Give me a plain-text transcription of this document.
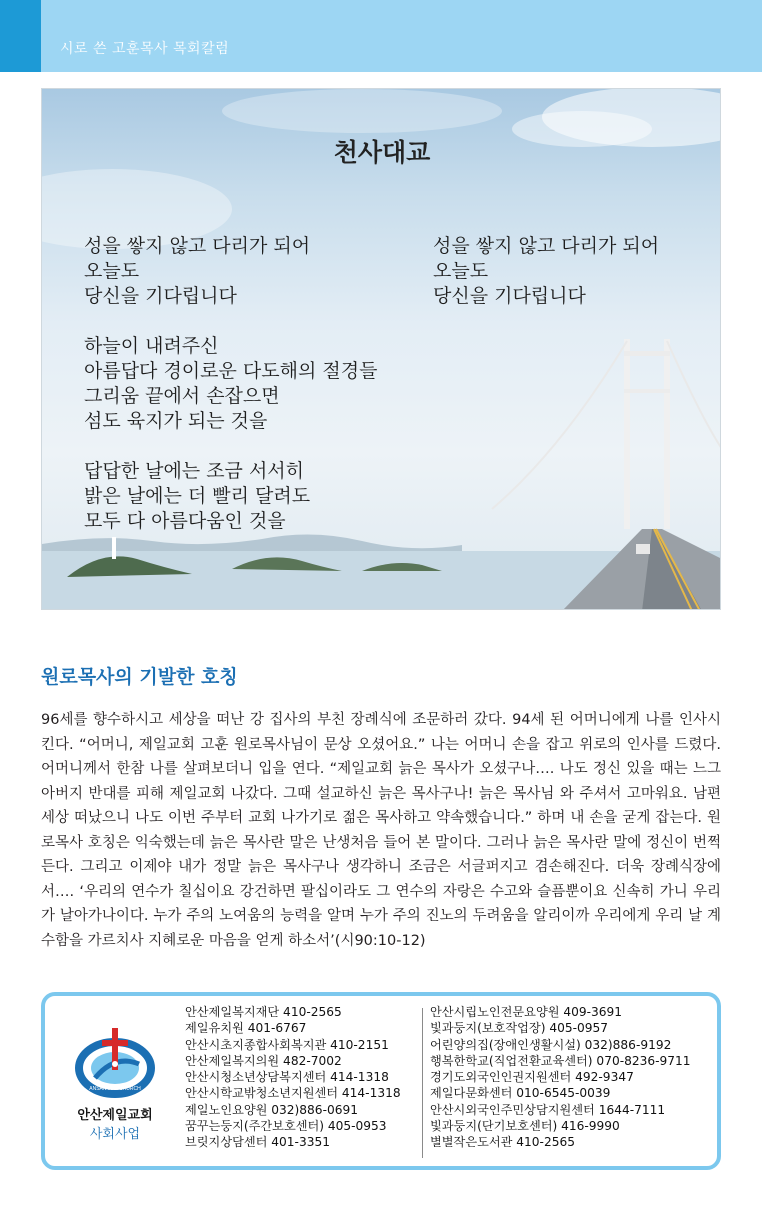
시로 쓴 고훈목사 목회칼럼
천사대교
성을 쌓지 않고 다리가 되어
오늘도
당신을 기다립니다
하늘이 내려주신
아름답다 경이로운 다도해의 절경들
그리움 끝에서 손잡으면
섬도 육지가 되는 것을
답답한 날에는 조금 서서히
밝은 날에는 더 빨리 달려도
모두 다 아름다움인 것을
성을 쌓지 않고 다리가 되어
오늘도
당신을 기다립니다
원로목사의 기발한 호칭

96세를 향수하시고 세상을 떠난 강 집사의 부친 장례식에 조문하러 갔다. 94세 된 어머니에게 나를 인사시킨다. “어머니, 제일교회 고훈 원로목사님이 문상 오셨어요.” 나는 어머니 손을 잡고 위로의 인사를 드렸다. 어머니께서 한참 나를 살펴보더니 입을 연다. “제일교회 늙은 목사가 오셨구나…. 나도 정신 있을 때는 느그 아버지 반대를 피해 제일교회 나갔다. 그때 설교하신 늙은 목사구나! 늙은 목사님 와 주셔서 고마워요. 남편 세상 떠났으니 나도 이번 주부터 교회 나가기로 젊은 목사하고 약속했습니다.” 하며 내 손을 굳게 잡는다. 원로목사 호칭은 익숙했는데 늙은 목사란 말은 난생처음 들어 본 말이다. 그러나 늙은 목사란 말에 정신이 번쩍 든다. 그리고 이제야 내가 정말 늙은 목사구나 생각하니 조금은 서글퍼지고 겸손해진다. 더욱 장례식장에서…. ‘우리의 연수가 칠십이요 강건하면 팔십이라도 그 연수의 자랑은 수고와 슬픔뿐이요 신속히 가니 우리가 날아가나이다. 누가 주의 노여움의 능력을 알며 누가 주의 진노의 두려움을 알리이까 우리에게 우리 날 계수함을 가르치사 지혜로운 마음을 얻게 하소서’(시90:10-12)

ANSAN JEIL CHURCH
안산제일교회
사회사업
안산제일복지재단 410-2565
제일유치원 401-6767
안산시초지종합사회복지관 410-2151
안산제일복지의원 482-7002
안산시청소년상담복지센터 414-1318
안산시학교밖청소년지원센터 414-1318
제일노인요양원 032)886-0691
꿈꾸는둥지(주간보호센터) 405-0953
브릿지상담센터 401-3351
안산시립노인전문요양원 409-3691
빛과둥지(보호작업장) 405-0957
어린양의집(장애인생활시설) 032)886-9192
행복한학교(직업전환교육센터) 070-8236-9711
경기도외국인인권지원센터 492-9347
제일다문화센터 010-6545-0039
안산시외국인주민상담지원센터 1644-7111
빛과둥지(단기보호센터) 416-9990
별별작은도서관 410-2565
